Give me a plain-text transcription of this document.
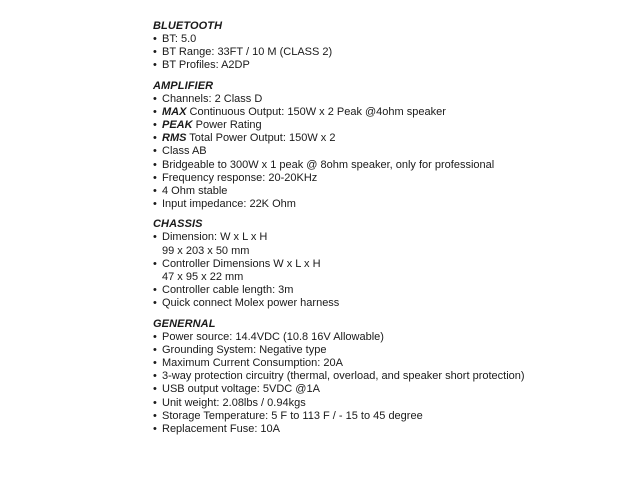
BLUETOOTH

• BT: 5.0
• BT Range: 33FT / 10 M (CLASS 2)
• BT Profiles: A2DP

AMPLIFIER

• Channels: 2 Class D
• MAX Continuous Output: 150W x 2 Peak @4ohm speaker
• PEAK Power Rating
• RMS Total Power Output: 150W x 2
• Class AB
• Bridgeable to 300W x 1 peak @ 8ohm speaker, only for professional
• Frequency response: 20-20KHz
• 4 Ohm stable
• Input impedance: 22K Ohm

CHASSIS

• Dimension: W x L x H
99 x 203 x 50 mm
• Controller Dimensions W x L x H
47 x 95 x 22 mm
• Controller cable length: 3m
• Quick connect Molex power harness

GENERNAL

• Power source: 14.4VDC (10.8 16V Allowable)
• Grounding System: Negative type
• Maximum Current Consumption: 20A
• 3-way protection circuitry (thermal, overload, and speaker short protection)
• USB output voltage: 5VDC @1A
• Unit weight: 2.08lbs / 0.94kgs
• Storage Temperature: 5 F to 113 F / - 15 to 45 degree
• Replacement Fuse: 10A
